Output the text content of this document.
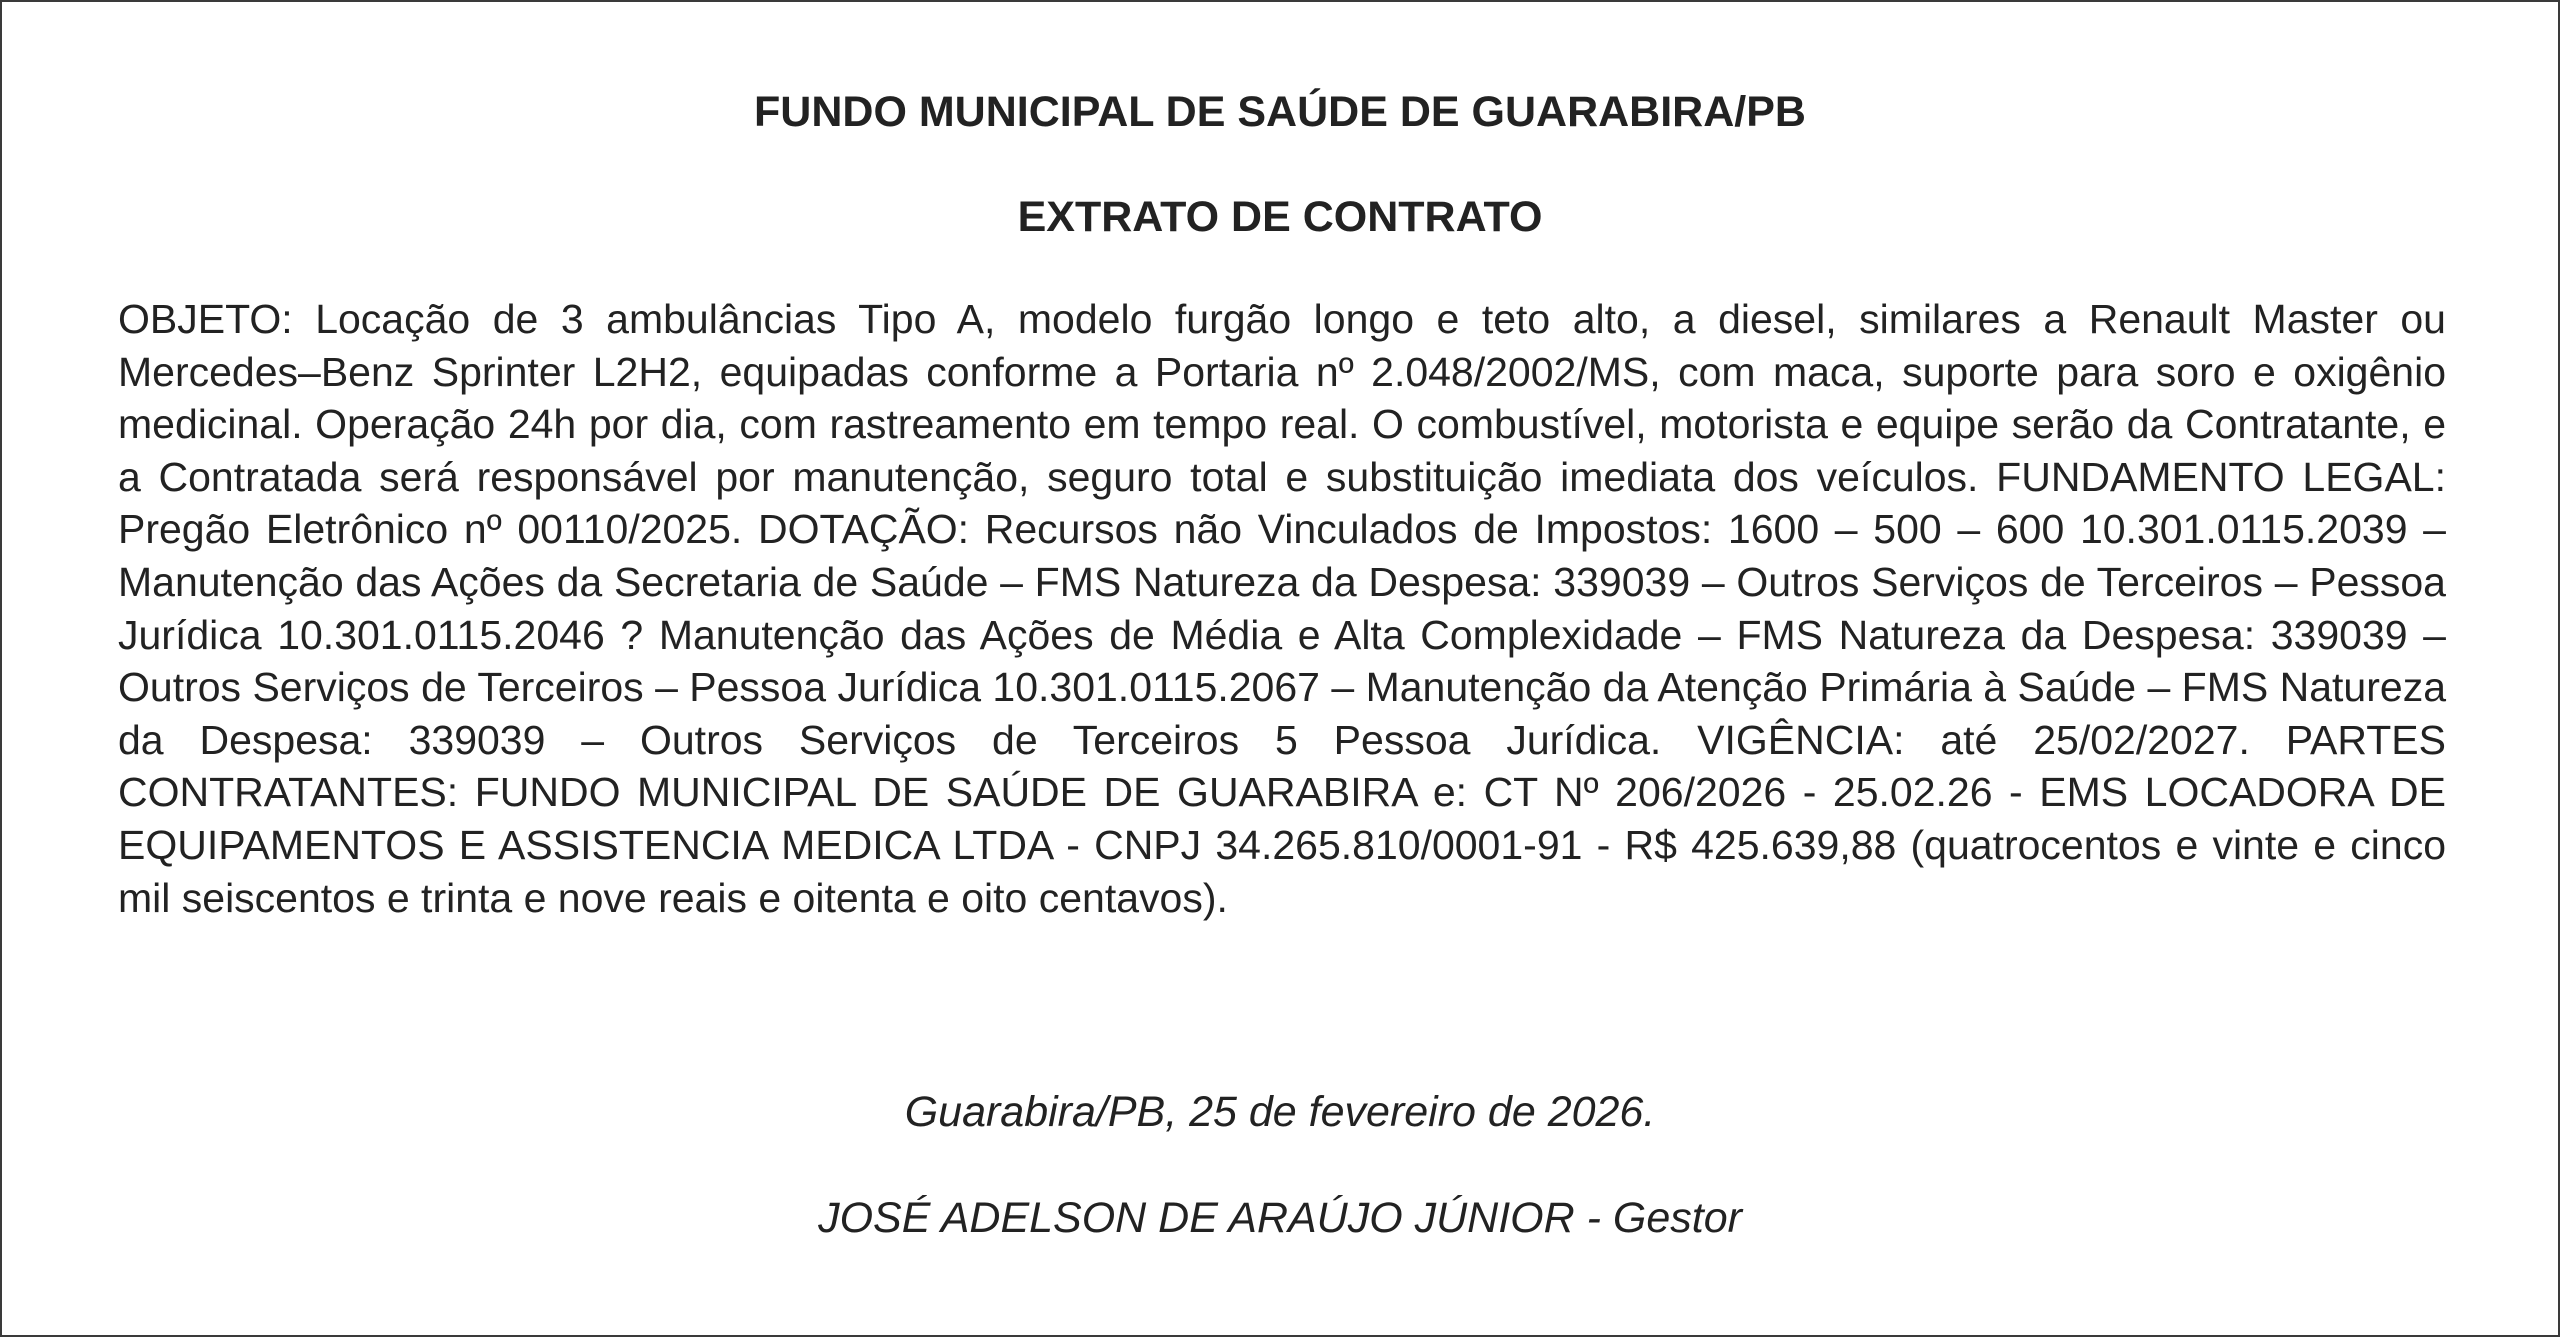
FUNDO MUNICIPAL DE SAÚDE DE GUARABIRA/PB
EXTRATO DE CONTRATO

OBJETO: Locação de 3 ambulâncias Tipo A, modelo furgão longo e teto alto, a diesel, similares a Renault Master ou Mercedes–Benz Sprinter L2H2, equipadas conforme a Portaria nº 2.048/2002/MS, com maca, suporte para soro e oxigênio medicinal. Operação 24h por dia, com rastreamento em tempo real. O combustível, motorista e equipe serão da Contratante, e a Contratada será responsável por manutenção, seguro total e substituição imediata dos veículos. FUNDAMENTO LEGAL: Pregão Eletrônico nº 00110/2025. DOTAÇÃO: Recursos não Vinculados de Impostos: 1600 – 500 – 600 10.301.0115.2039 – Manutenção das Ações da Secretaria de Saúde – FMS Natureza da Despesa: 339039 – Outros Serviços de Terceiros – Pessoa Jurídica 10.301.0115.2046 ? Manutenção das Ações de Média e Alta Complexidade – FMS Natureza da Despesa: 339039 – Outros Serviços de Terceiros – Pessoa Jurídica 10.301.0115.2067 – Manutenção da Atenção Primária à Saúde – FMS Natureza da Despesa: 339039 – Outros Serviços de Terceiros 5 Pessoa Jurídica. VIGÊNCIA: até 25/02/2027. PARTES CONTRATANTES: FUNDO MUNICIPAL DE SAÚDE DE GUARABIRA e: CT Nº 206/2026 - 25.02.26 - EMS LOCADORA DE EQUIPAMENTOS E ASSISTENCIA MEDICA LTDA - CNPJ 34.265.810/0001-91 - R$ 425.639,88 (quatrocentos e vinte e cinco mil seiscentos e trinta e nove reais e oitenta e oito centavos).

Guarabira/PB, 25 de fevereiro de 2026.

JOSÉ ADELSON DE ARAÚJO JÚNIOR - Gestor
